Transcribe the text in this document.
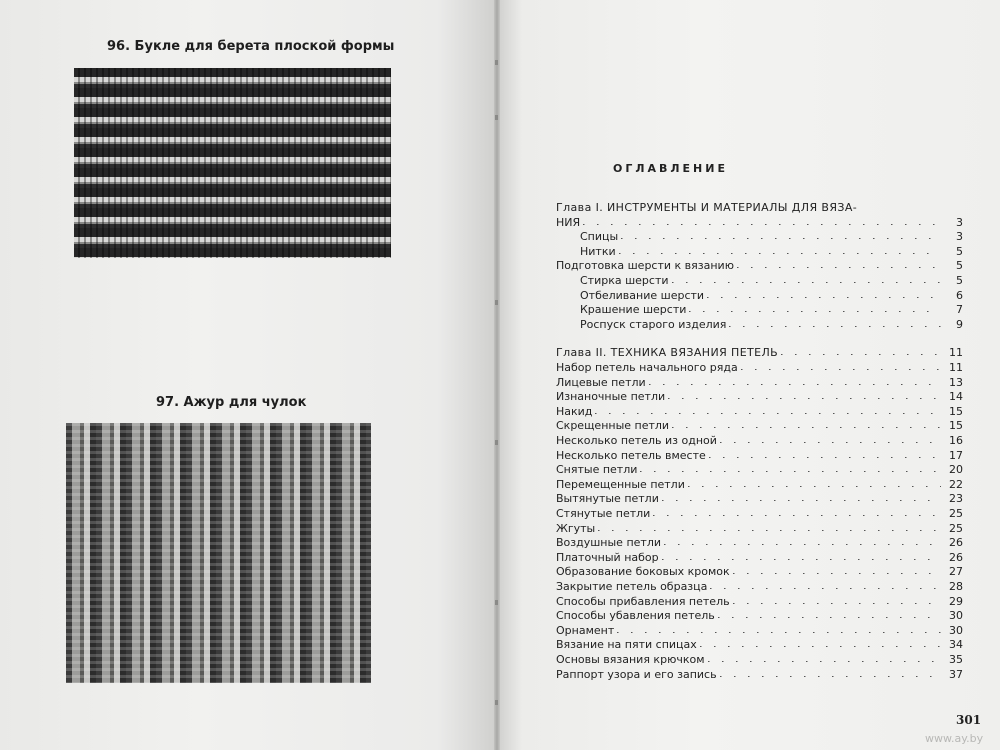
96. Букле для берета плоской формы
97. Ажур для чулок
ОГЛАВЛЕНИЕ
Глава I. ИНСТРУМЕНТЫ И МАТЕРИАЛЫ ДЛЯ ВЯЗА-
НИЯ	3
Спицы	3
Нитки	5
Подготовка шерсти к вязанию	5
Стирка шерсти	5
Отбеливание шерсти	6
Крашение шерсти	7
Роспуск старого изделия	9
Глава II. ТЕХНИКА ВЯЗАНИЯ ПЕТЕЛЬ	11
Набор петель начального ряда	11
Лицевые петли	13
Изнаночные петли	14
Накид	15
Скрещенные петли	15
Несколько петель из одной	16
Несколько петель вместе	17
Снятые петли	20
Перемещенные петли	22
Вытянутые петли	23
Стянутые петли	25
Жгуты	25
Воздушные петли	26
Платочный набор	26
Образование боковых кромок	27
Закрытие петель образца	28
Способы прибавления петель	29
Способы убавления петель	30
Орнамент	30
Вязание на пяти спицах	34
Основы вязания крючком	35
Раппорт узора и его запись	37
301
www.ay.by
